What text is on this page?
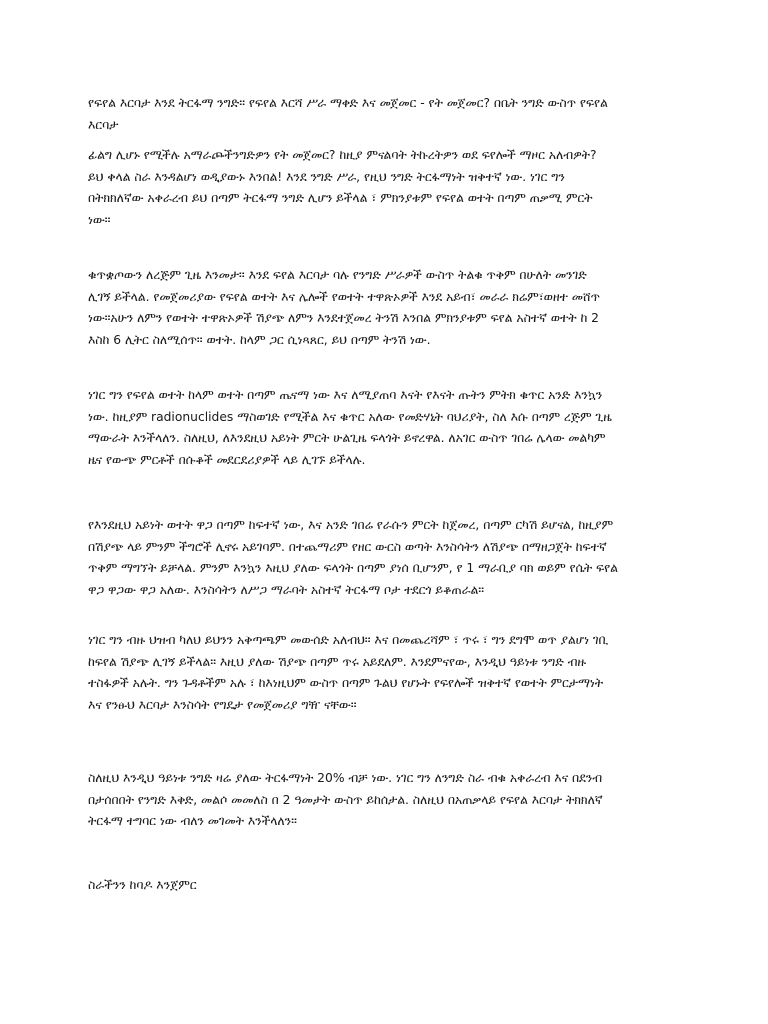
የፍየል እርባታ እንደ ትርፋማ ንግድ። የፍየል እርሻ ሥራ ማቀድ እና መጀመር - የት መጀመር? በቤት ንግድ ውስጥ የፍየል
እርባታ

ፊልግ ሊሆኑ የሚችሉ አማራጮችንግድዎን የት መጀመር? ከዚያ ምናልባት ትኩረትዎን ወደ ፍየሎች ማዞር አለብዎት?
ይህ ቀላል ስራ እንዳልሆነ ወዲያውኑ እንበል! እንደ ንግድ ሥራ, የዚህ ንግድ ትርፋማነት ዝቅተኛ ነው. ነገር ግን
በትክክለኛው አቀራረብ ይህ በጣም ትርፋማ ንግድ ሊሆን ይችላል ፣ ምክንያቱም የፍየል ወተት በጣም ጠቃሚ ምርት
ነው።

ቁጥቋጦውን ለረጅም ጊዜ እንመታ። እንደ ፍየል እርባታ ባሉ የንግድ ሥራዎች ውስጥ ትልቁ ጥቅም በሁለት መንገድ
ሊገኝ ይችላል. የመጀመሪያው የፍየል ወተት እና ሌሎች የወተት ተዋጽኦዎች እንደ አይብ፣ መራራ ክሬም፣ወዘተ መሸጥ
ነው።አሁን ለምን የወተት ተዋጽኦዎች ሽያጭ ለምን እንደተጀመረ ትንሽ እንበል ምክንያቱም ፍየል አስተኛ ወተት ከ 2
እስከ 6 ሊትር ስለሚሰጥ። ወተት. ከላም ጋር ሲነጻጸር, ይህ በጣም ትንሽ ነው.

ነገር ግን የፍየል ወተት ከላም ወተት በጣም ጤናማ ነው እና ለሚያጠባ እናት የእናት ጡትን ምትክ ቁጥር አንድ እንኳን
ነው. ከዚያም radionuclides ማስወገድ የሚችል እና ቁጥር አለው የመድሃኒት ባህሪያት, ስለ እሱ በጣም ረጅም ጊዜ
ማውራት እንችላለን. ስለዚህ, ለእንደዚህ አይነት ምርት ሁልጊዜ ፍላጎት ይኖረዋል. ለአገር ውስጥ ገበሬ ሌላው መልካም
ዜና የውጭ ምርቶች በሱቆች መደርደሪያዎች ላይ ሊገኙ ይችላሉ.

የእንደዚህ አይነት ወተት ዋጋ በጣም ከፍተኛ ነው, እና አንድ ገበሬ የራሱን ምርት ከጀመረ, በጣም ርካሽ ይሆናል, ከዚያም
በሽያጭ ላይ ምንም ችግሮች ሊኖሩ አይገባም. በተጨማሪም የዘር ውርስ ወጣት እንስሳትን ለሽያጭ በማዘጋጀት ከፍተኛ
ጥቅም ማግኘት ይቻላል. ምንም እንኳን እዚህ ያለው ፍላጎት በጣም ያነሰ ቢሆንም, የ 1 ማራቢያ ባክ ወይም የሴት ፍየል
ዋጋ ዋጋው ዋጋ አለው. እንስሳትን ለሥጋ ማራባት አስተኛ ትርፋማ ቦታ ተደርጎ ይቆጠራል።

ነገር ግን ብዙ ህዝብ ካለህ ይህንን አቅጣጫም መውሰድ አለብህ። እና በመጨረሻም ፣ ጥሩ ፣ ግን ደግሞ ወጥ ያልሆነ ገቢ
ከፍየል ሽያጭ ሊገኝ ይችላል። እዚህ ያለው ሽያጭ በጣም ጥሩ አይደለም. እንደምናየው, እንዲህ ዓይነቱ ንግድ ብዙ
ተስፋዎች አሉት. ግን ጉዳቶችም አሉ ፣ ከእነዚህም ውስጥ በጣም ጉልህ የሆኑት የፍየሎች ዝቅተኛ የወተት ምርታማነት
እና የንፁህ እርባታ እንስሳት የግዴታ የመጀመሪያ ግዥ ናቸው።

ስለዚህ እንዲህ ዓይነቱ ንግድ ዛሬ ያለው ትርፋማነት 20% ብቻ ነው. ነገር ግን ለንግድ ስራ ብቁ አቀራረብ እና በደንብ
በታሰበበት የንግድ እቅድ, መልሶ መመለስ በ 2 ዓመታት ውስጥ ይከሰታል. ስለዚህ በአጠቃላይ የፍየል እርባታ ትክክለኛ
ትርፋማ ተግባር ነው ብለን መገመት እንችላለን።

ስራችንን ከባዶ እንጀምር
